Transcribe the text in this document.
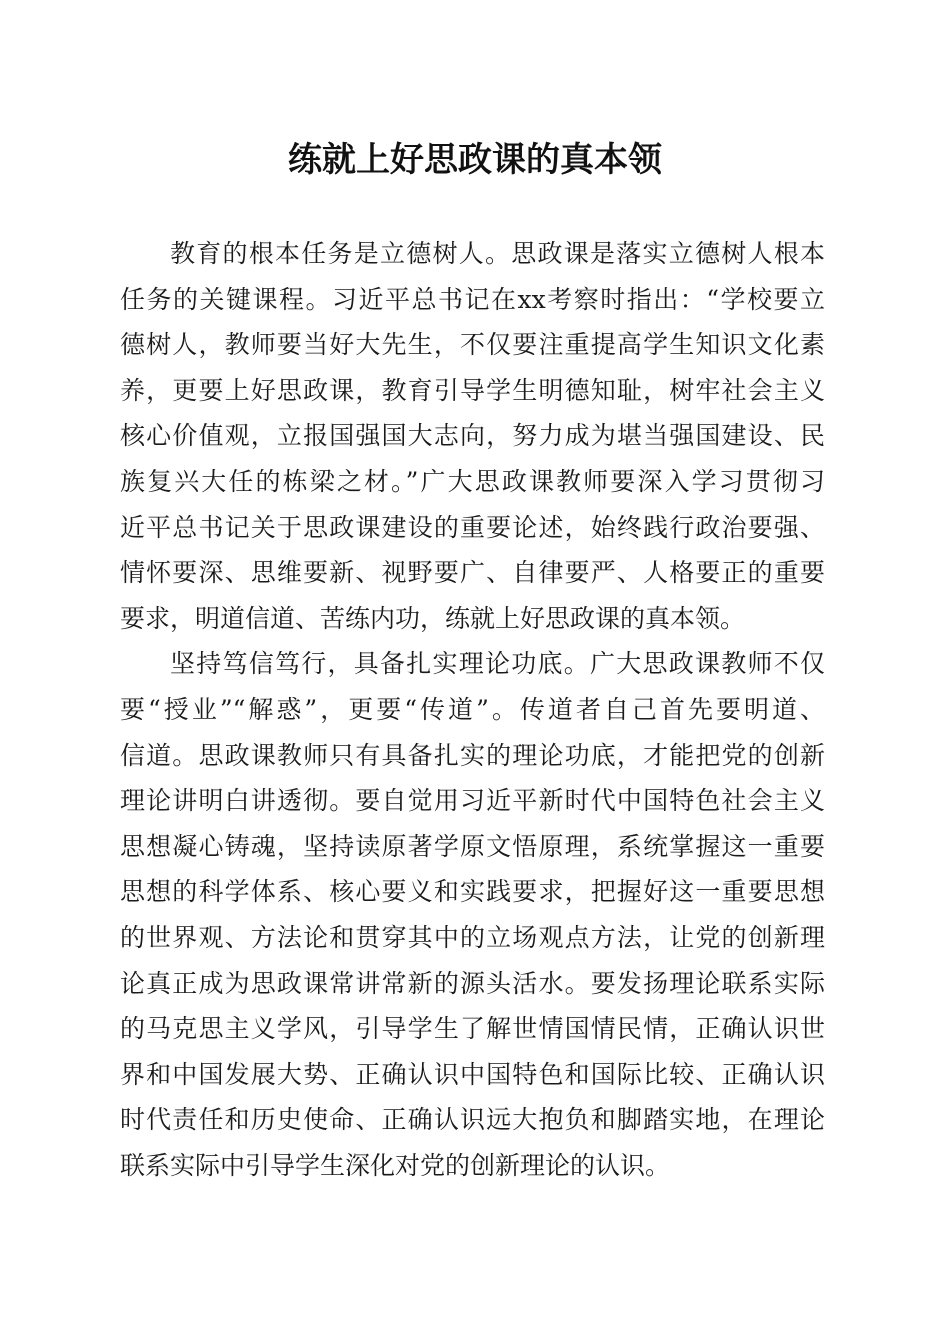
练就上好思政课的真本领

教育的根本任务是立德树人。思政课是落实立德树人根本
任务的关键课程。习近平总书记在xx考察时指出：“学校要立
德树人，教师要当好大先生，不仅要注重提高学生知识文化素
养，更要上好思政课，教育引导学生明德知耻，树牢社会主义
核心价值观，立报国强国大志向，努力成为堪当强国建设、民
族复兴大任的栋梁之材。”广大思政课教师要深入学习贯彻习
近平总书记关于思政课建设的重要论述，始终践行政治要强、
情怀要深、思维要新、视野要广、自律要严、人格要正的重要
要求，明道信道、苦练内功，练就上好思政课的真本领。

坚持笃信笃行，具备扎实理论功底。广大思政课教师不仅
要“授业”“解惑”，更要“传道”。传道者自己首先要明道、
信道。思政课教师只有具备扎实的理论功底，才能把党的创新
理论讲明白讲透彻。要自觉用习近平新时代中国特色社会主义
思想凝心铸魂，坚持读原著学原文悟原理，系统掌握这一重要
思想的科学体系、核心要义和实践要求，把握好这一重要思想
的世界观、方法论和贯穿其中的立场观点方法，让党的创新理
论真正成为思政课常讲常新的源头活水。要发扬理论联系实际
的马克思主义学风，引导学生了解世情国情民情，正确认识世
界和中国发展大势、正确认识中国特色和国际比较、正确认识
时代责任和历史使命、正确认识远大抱负和脚踏实地，在理论
联系实际中引导学生深化对党的创新理论的认识。
